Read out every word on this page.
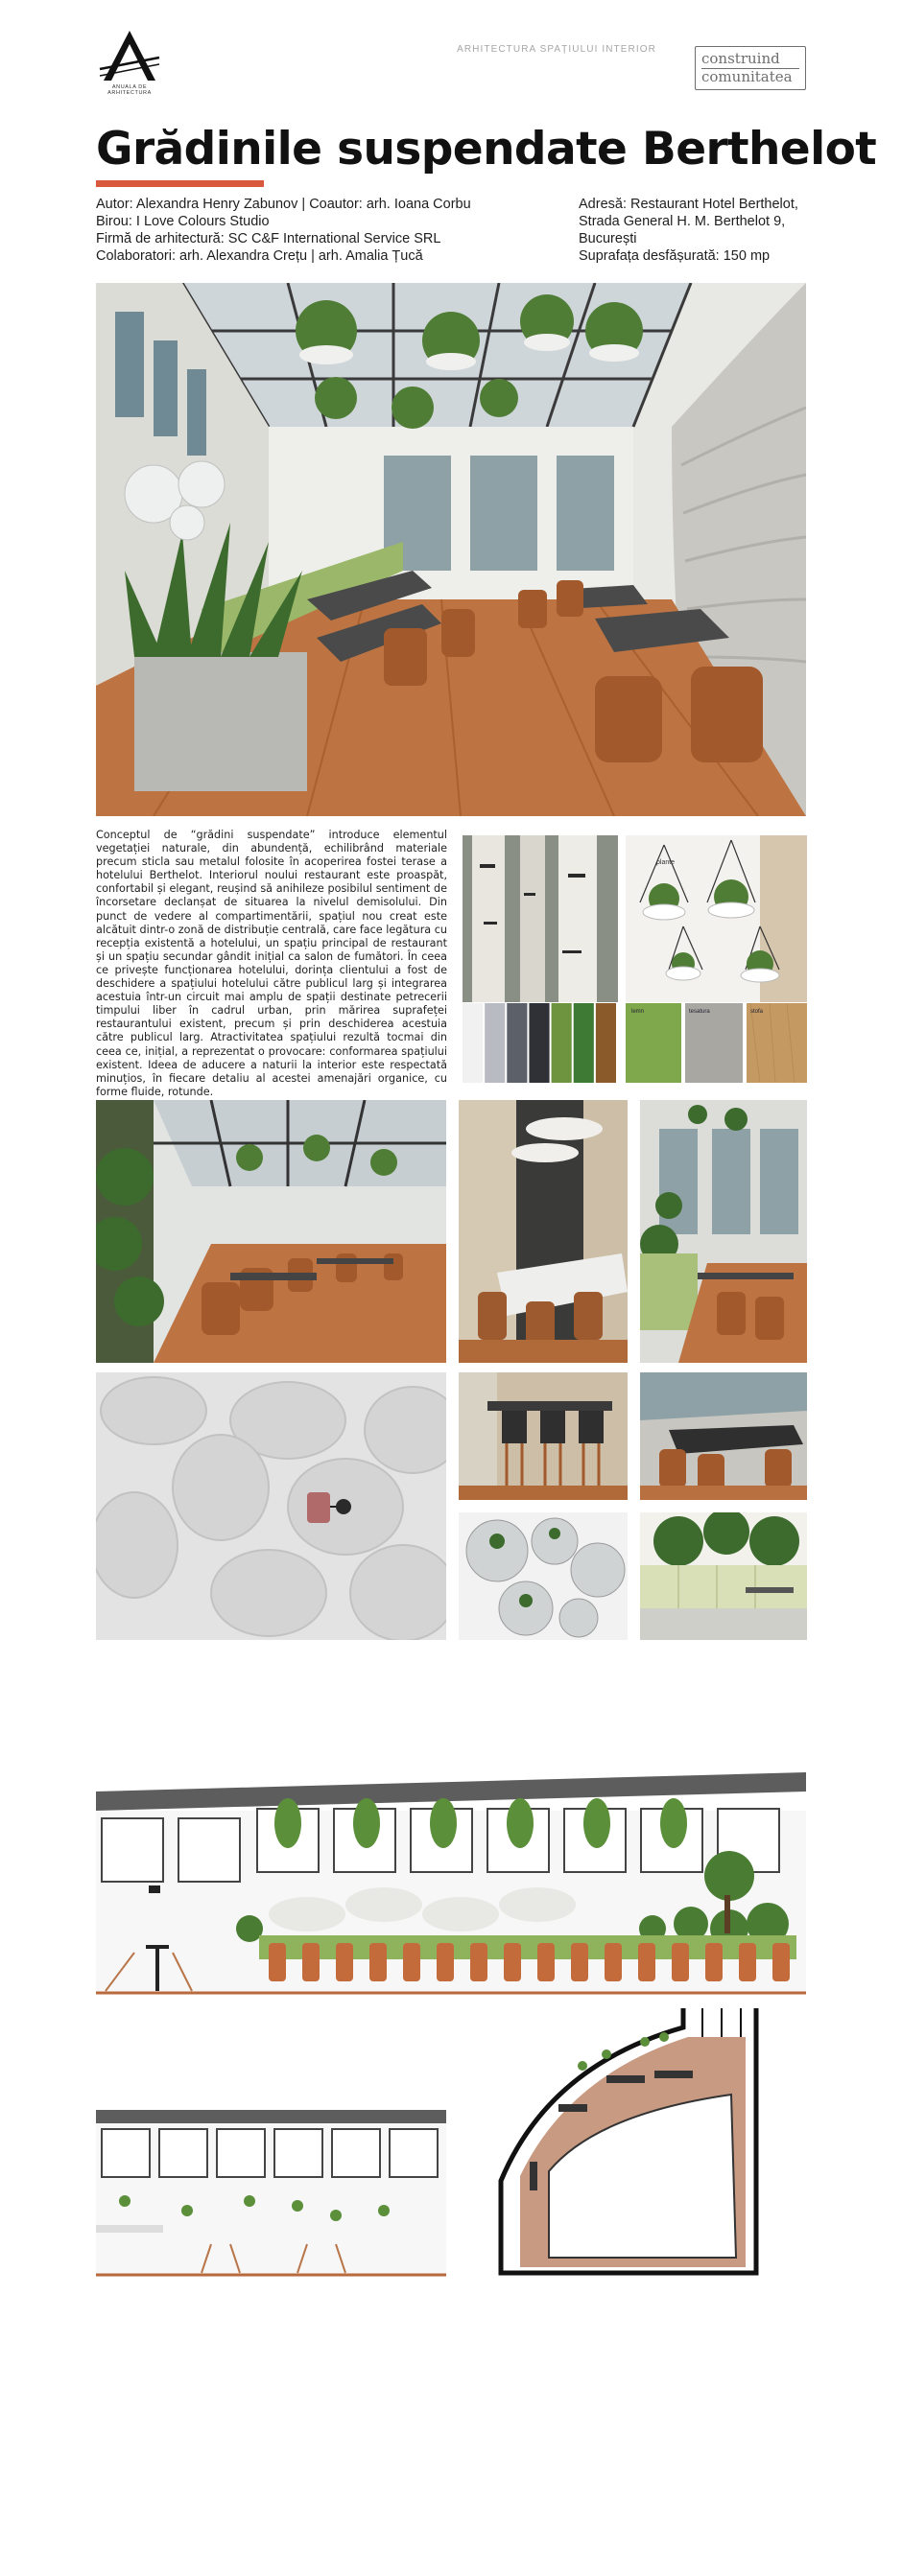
ANUALA DE ARHITECTURA
ARHITECTURA SPAȚIULUI INTERIOR
construind
comunitatea
Grădinile suspendate Berthelot
Autor: Alexandra Henry Zabunov | Coautor: arh. Ioana Corbu
Birou: I Love Colours Studio
Firmă de arhitectură: SC C&F International Service SRL
Colaboratori: arh. Alexandra Crețu | arh. Amalia Țucă
Adresă: Restaurant Hotel Berthelot,
Strada General H. M. Berthelot 9,
București
Suprafața desfășurată: 150 mp
Conceptul de “grădini suspendate” introduce elementul vegetației naturale, din abundență, echilibrând materiale precum sticla sau metalul folosite în acoperirea fostei terase a hotelului Berthelot. Interiorul noului restaurant este proaspăt, confortabil și elegant, reușind să anihileze posibilul sentiment de încorsetare declanșat de situarea la nivelul demisolului. Din punct de vedere al compartimentării, spațiul nou creat este alcătuit dintr-o zonă de distribuție centrală, care face legătura cu recepția existentă a hotelului, un spațiu principal de restaurant și un spațiu secundar gândit inițial ca salon de fumători. În ceea ce privește funcționarea hotelului, dorința clientului a fost de deschidere a spațiului hotelului către publicul larg și integrarea acestuia într-un circuit mai amplu de spații destinate petrecerii timpului liber în cadrul urban, prin mărirea suprafeței restaurantului existent, precum și prin deschiderea acestuia către publicul larg. Atractivitatea spațiului rezultă tocmai din ceea ce, inițial, a reprezentat o provocare: conformarea spațiului existent. Ideea de aducere a naturii la interior este respectată minuțios, în fiecare detaliu al acestei amenajări organice, cu forme fluide, rotunde.
plante
lemn	tesatura	stofa
